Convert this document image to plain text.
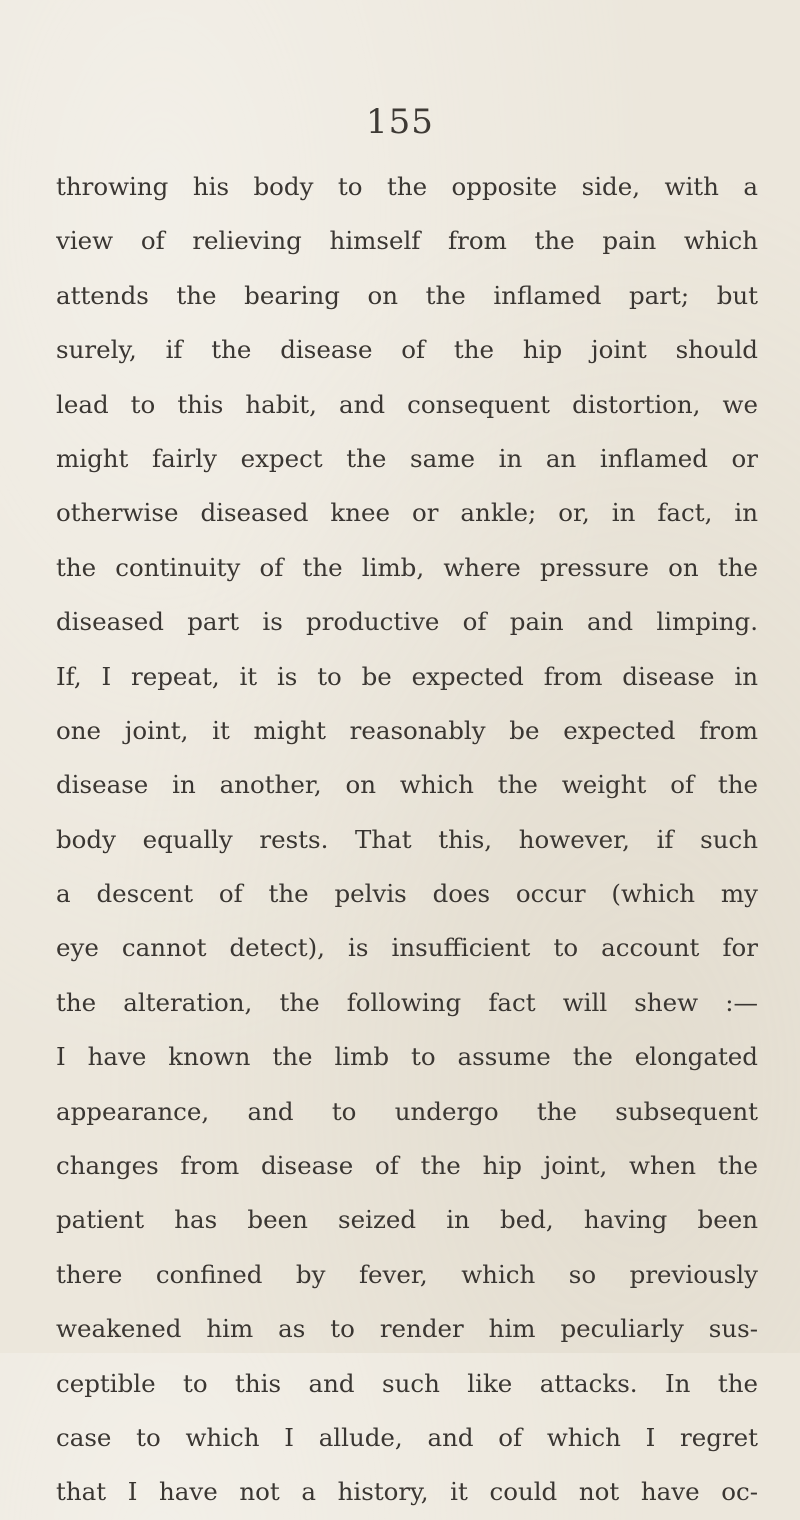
155
throwing his body to the opposite side, with a
view of relieving himself from the pain which
attends the bearing on the inflamed part; but
surely, if the disease of the hip joint should
lead to this habit, and consequent distortion, we
might fairly expect the same in an inflamed or
otherwise diseased knee or ankle; or, in fact, in
the continuity of the limb, where pressure on the
diseased part is productive of pain and limping.
If, I repeat, it is to be expected from disease in
one joint, it might reasonably be expected from
disease in another, on which the weight of the
body equally rests. That this, however, if such
a descent of the pelvis does occur (which my
eye cannot detect), is insufficient to account for
the alteration, the following fact will shew :—
I have known the limb to assume the elongated
appearance, and to undergo the subsequent
changes from disease of the hip joint, when the
patient has been seized in bed, having been
there confined by fever, which so previously
weakened him as to render him peculiarly sus-
ceptible to this and such like attacks. In the
case to which I allude, and of which I regret
that I have not a history, it could not have oc-
